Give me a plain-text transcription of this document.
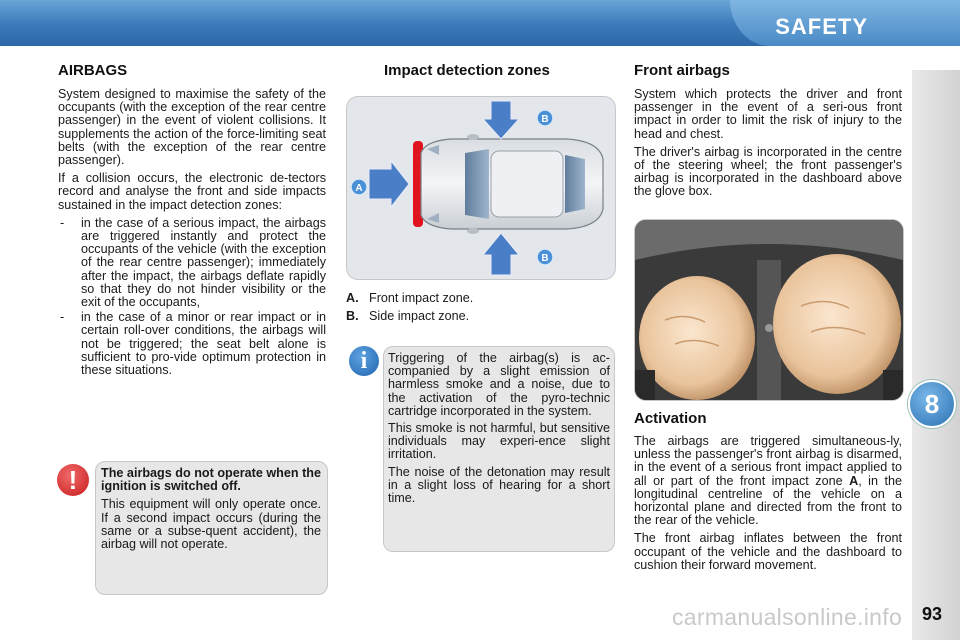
SAFETY
8
AIRBAGS

System designed to maximise the safety of the occupants (with the exception of the rear centre passenger) in the event of violent collisions. It supplements the action of the force-limiting seat belts (with the exception of the rear centre passenger).

If a collision occurs, the electronic de-tectors record and analyse the front and side impacts sustained in the impact detection zones:

- in the case of a serious impact, the airbags are triggered instantly and protect the occupants of the vehicle (with the exception of the rear centre passenger); immediately after the impact, the airbags deflate rapidly so that they do not hinder visibility or the exit of the occupants,
- in the case of a minor or rear impact or in certain roll-over conditions, the airbags will not be triggered; the seat belt alone is sufficient to pro-vide optimum protection in these situations.
!	The airbags do not operate when the ignition is switched off.

This equipment will only operate once. If a second impact occurs (during the same or a subse-quent accident), the airbag will not operate.

Impact detection zones
A
B
B
A. Front impact zone.
B. Side impact zone.
i	Triggering of the airbag(s) is ac-companied by a slight emission of harmless smoke and a noise, due to the activation of the pyro-technic cartridge incorporated in the system.

This smoke is not harmful, but sensitive individuals may experi-ence slight irritation.

The noise of the detonation may result in a slight loss of hearing for a short time.

Front airbags

System which protects the driver and front passenger in the event of a seri-ous front impact in order to limit the risk of injury to the head and chest.

The driver's airbag is incorporated in the centre of the steering wheel; the front passenger's airbag is incorporated in the dashboard above the glove box.

Activation

The airbags are triggered simultaneous-ly, unless the passenger's front airbag is disarmed, in the event of a serious front impact applied to all or part of the front impact zone A, in the longitudinal centreline of the vehicle on a horizontal plane and directed from the front to the rear of the vehicle.

The front airbag inflates between the front occupant of the vehicle and the dashboard to cushion their forward movement.

carmanualsonline.info 93
